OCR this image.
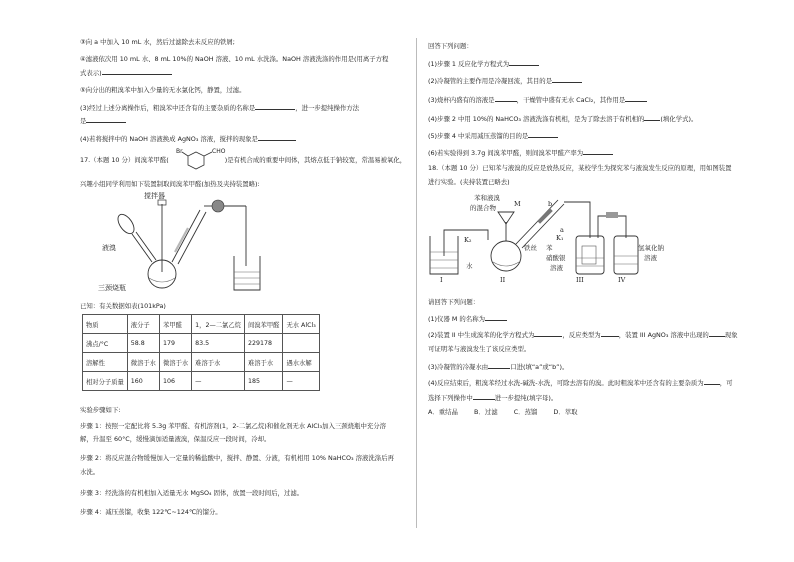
③向 a 中加入 10 mL 水，然后过滤除去未反应的铁屑;
④滤液依次用 10 mL 水、8 mL 10%的 NaOH 溶液、10 mL 水洗涤。NaOH 溶液洗涤的作用是(用离子方程
式表示)
⑤向分出的粗溴苯中加入少量的无水氯化钙，静置，过滤。
(3)经过上述分离操作后，粗溴苯中还含有的主要杂质的名称是	，进一步提纯操作方法
是
(4)若将搅拌中的 NaOH 溶液换成 AgNO₃ 溶液，搅拌的现象是
17.（本题 10 分）间溴苯甲醛(	)是有机合成的重要中间体，其熔点低于钠较宽，常温易被氧化，
Br	CHO
兴趣小组同学利用如下装置制取间溴苯甲醛(加热及夹持装置略):
搅拌器
液溴
三颈烧瓶
已知：有关数据如表(101kPa)
物质	液分子	苯甲醛	1，2—二氯乙烷	间溴苯甲醛	无水 AlCl₃
沸点/°C	58.8	179	83.5	229178	
溶解性	微溶于水	微溶于水	难溶于水	难溶于水	遇水水解
相对分子质量	160	106	—	185	—
实验步骤如下:
步骤 1：按照一定配比将 5.3g 苯甲醛、有机溶剂(1，2-二氯乙烷)和催化剂无水 AlCl₃加入三颈烧瓶中充分溶
解，升温至 60°C，缓慢滴加适量液溴，保温反应一段时间，冷却。
步骤 2：将反应混合物缓慢加入一定量的稀盐酸中，搅拌、静置、分液，有机相用 10% NaHCO₃ 溶液洗涤后再
水洗。
步骤 3：经洗涤的有机相加入适量无水 MgSO₄ 固体，放置一段时间后，过滤。
步骤 4：减压蒸馏，收集 122℃~124℃的馏分。
回答下列问题：
(1)步骤 1 反应化学方程式为
(2)冷凝管的主要作用是冷凝回流，其目的是
(3)烧杯内盛有的溶液是	，干燥管中盛有无水 CaCl₂，其作用是
(4)步骤 2 中用 10%的 NaHCO₃ 溶液洗涤有机相，是为了除去溶于有机相的	(填化学式)。
(5)步骤 4 中采用减压蒸馏的目的是
(6)若实验得到 3.7g 间溴苯甲醛，则间溴苯甲醛产率为
18.（本题 10 分）已知苯与液溴的反应是放热反应，某校学生为探究苯与液溴发生反应的原理，用如图装置
进行实验。(夹持装置已略去)
苯和液溴
的混合物	M	b
a
K₁
K₂
水
铁丝 苯
硝酸银
溶液
氢氧化钠
溶液
I	II	III	IV
请回答下列问题：
(1)仪器 M 的名称为
(2)装置 II 中生成溴苯的化学方程式为	，反应类型为	，装置 III AgNO₃ 溶液中出现的	现象
可证明苯与液溴发生了该反应类型。
(3)冷凝管的冷凝水由	口进(填“a”或“b”)。
(4)反应结束后，粗溴苯经过水洗-碱洗-水洗，可除去溶有的溴。此时粗溴苯中还含有的主要杂质为	，可
选择下列操作中	进一步提纯(填字母)。
A．重结晶	B．过滤	C．蒸馏	D．萃取
